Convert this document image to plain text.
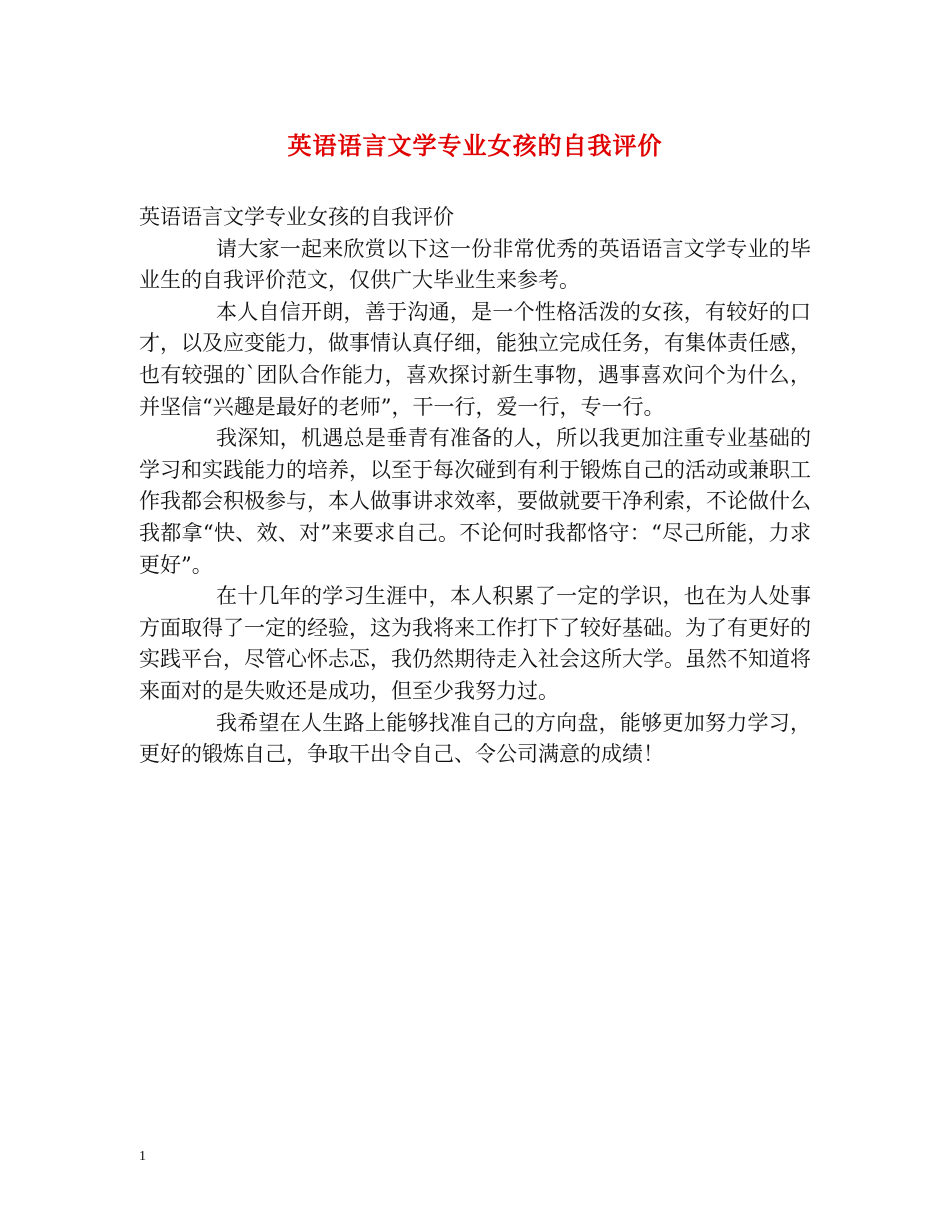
英语语言文学专业女孩的自我评价

英语语言文学专业女孩的自我评价

请大家一起来欣赏以下这一份非常优秀的英语语言文学专业的毕业生的自我评价范文，仅供广大毕业生来参考。

本人自信开朗，善于沟通，是一个性格活泼的女孩，有较好的口才，以及应变能力，做事情认真仔细，能独立完成任务，有集体责任感，也有较强的`团队合作能力，喜欢探讨新生事物，遇事喜欢问个为什么，并坚信“兴趣是最好的老师”，干一行，爱一行，专一行。

我深知，机遇总是垂青有准备的人，所以我更加注重专业基础的学习和实践能力的培养，以至于每次碰到有利于锻炼自己的活动或兼职工作我都会积极参与，本人做事讲求效率，要做就要干净利索，不论做什么我都拿“快、效、对”来要求自己。不论何时我都恪守：“尽己所能，力求更好”。

在十几年的学习生涯中，本人积累了一定的学识，也在为人处事方面取得了一定的经验，这为我将来工作打下了较好基础。为了有更好的实践平台，尽管心怀忐忑，我仍然期待走入社会这所大学。虽然不知道将来面对的是失败还是成功，但至少我努力过。

我希望在人生路上能够找准自己的方向盘，能够更加努力学习，更好的锻炼自己，争取干出令自己、令公司满意的成绩！

1
